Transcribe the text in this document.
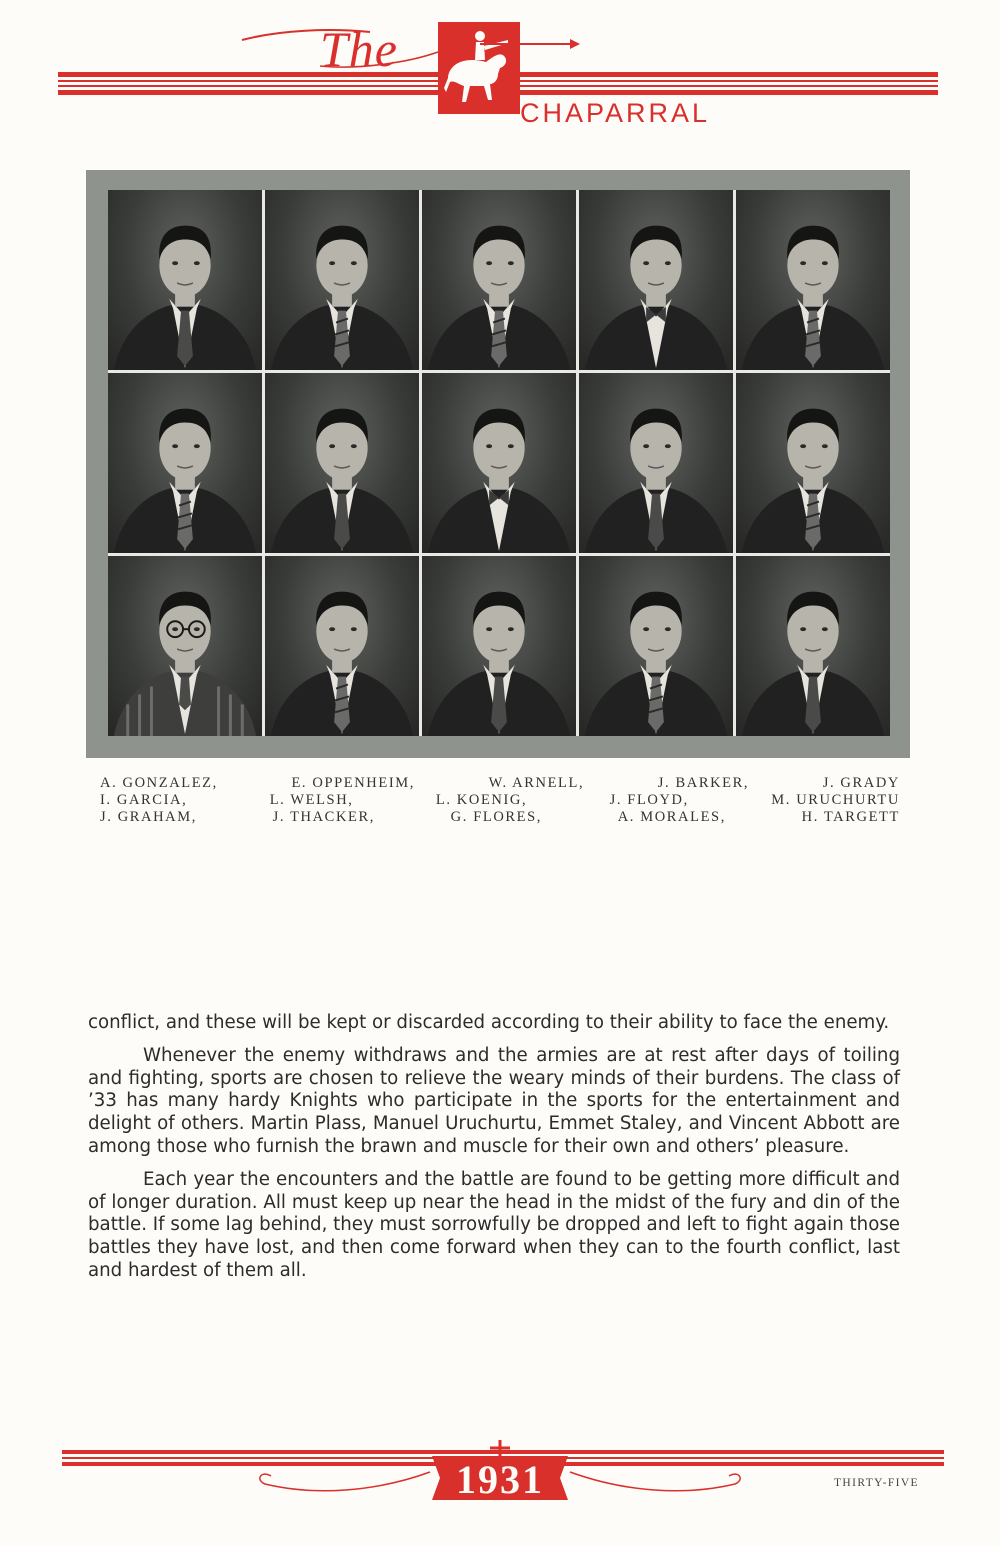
The
CHAPARRAL
A. GONZALEZ,	E. OPPENHEIM,	W. ARNELL,	J. BARKER,	J. GRADY
I. GARCIA,	L. WELSH,	L. KOENIG,	J. FLOYD,	M. URUCHURTU
J. GRAHAM,	J. THACKER,	G. FLORES,	A. MORALES,	H. TARGETT

conflict, and these will be kept or discarded according to their ability to face the enemy.

Whenever the enemy withdraws and the armies are at rest after days of toiling and fighting, sports are chosen to relieve the weary minds of their burdens. The class of ’33 has many hardy Knights who participate in the sports for the entertainment and delight of others. Martin Plass, Manuel Uruchurtu, Emmet Staley, and Vincent Abbott are among those who furnish the brawn and muscle for their own and others’ pleasure.

Each year the encounters and the battle are found to be getting more difficult and of longer duration. All must keep up near the head in the midst of the fury and din of the battle. If some lag behind, they must sorrowfully be dropped and left to fight again those battles they have lost, and then come forward when they can to the fourth conflict, last and hardest of them all.

1931	THIRTY-FIVE
